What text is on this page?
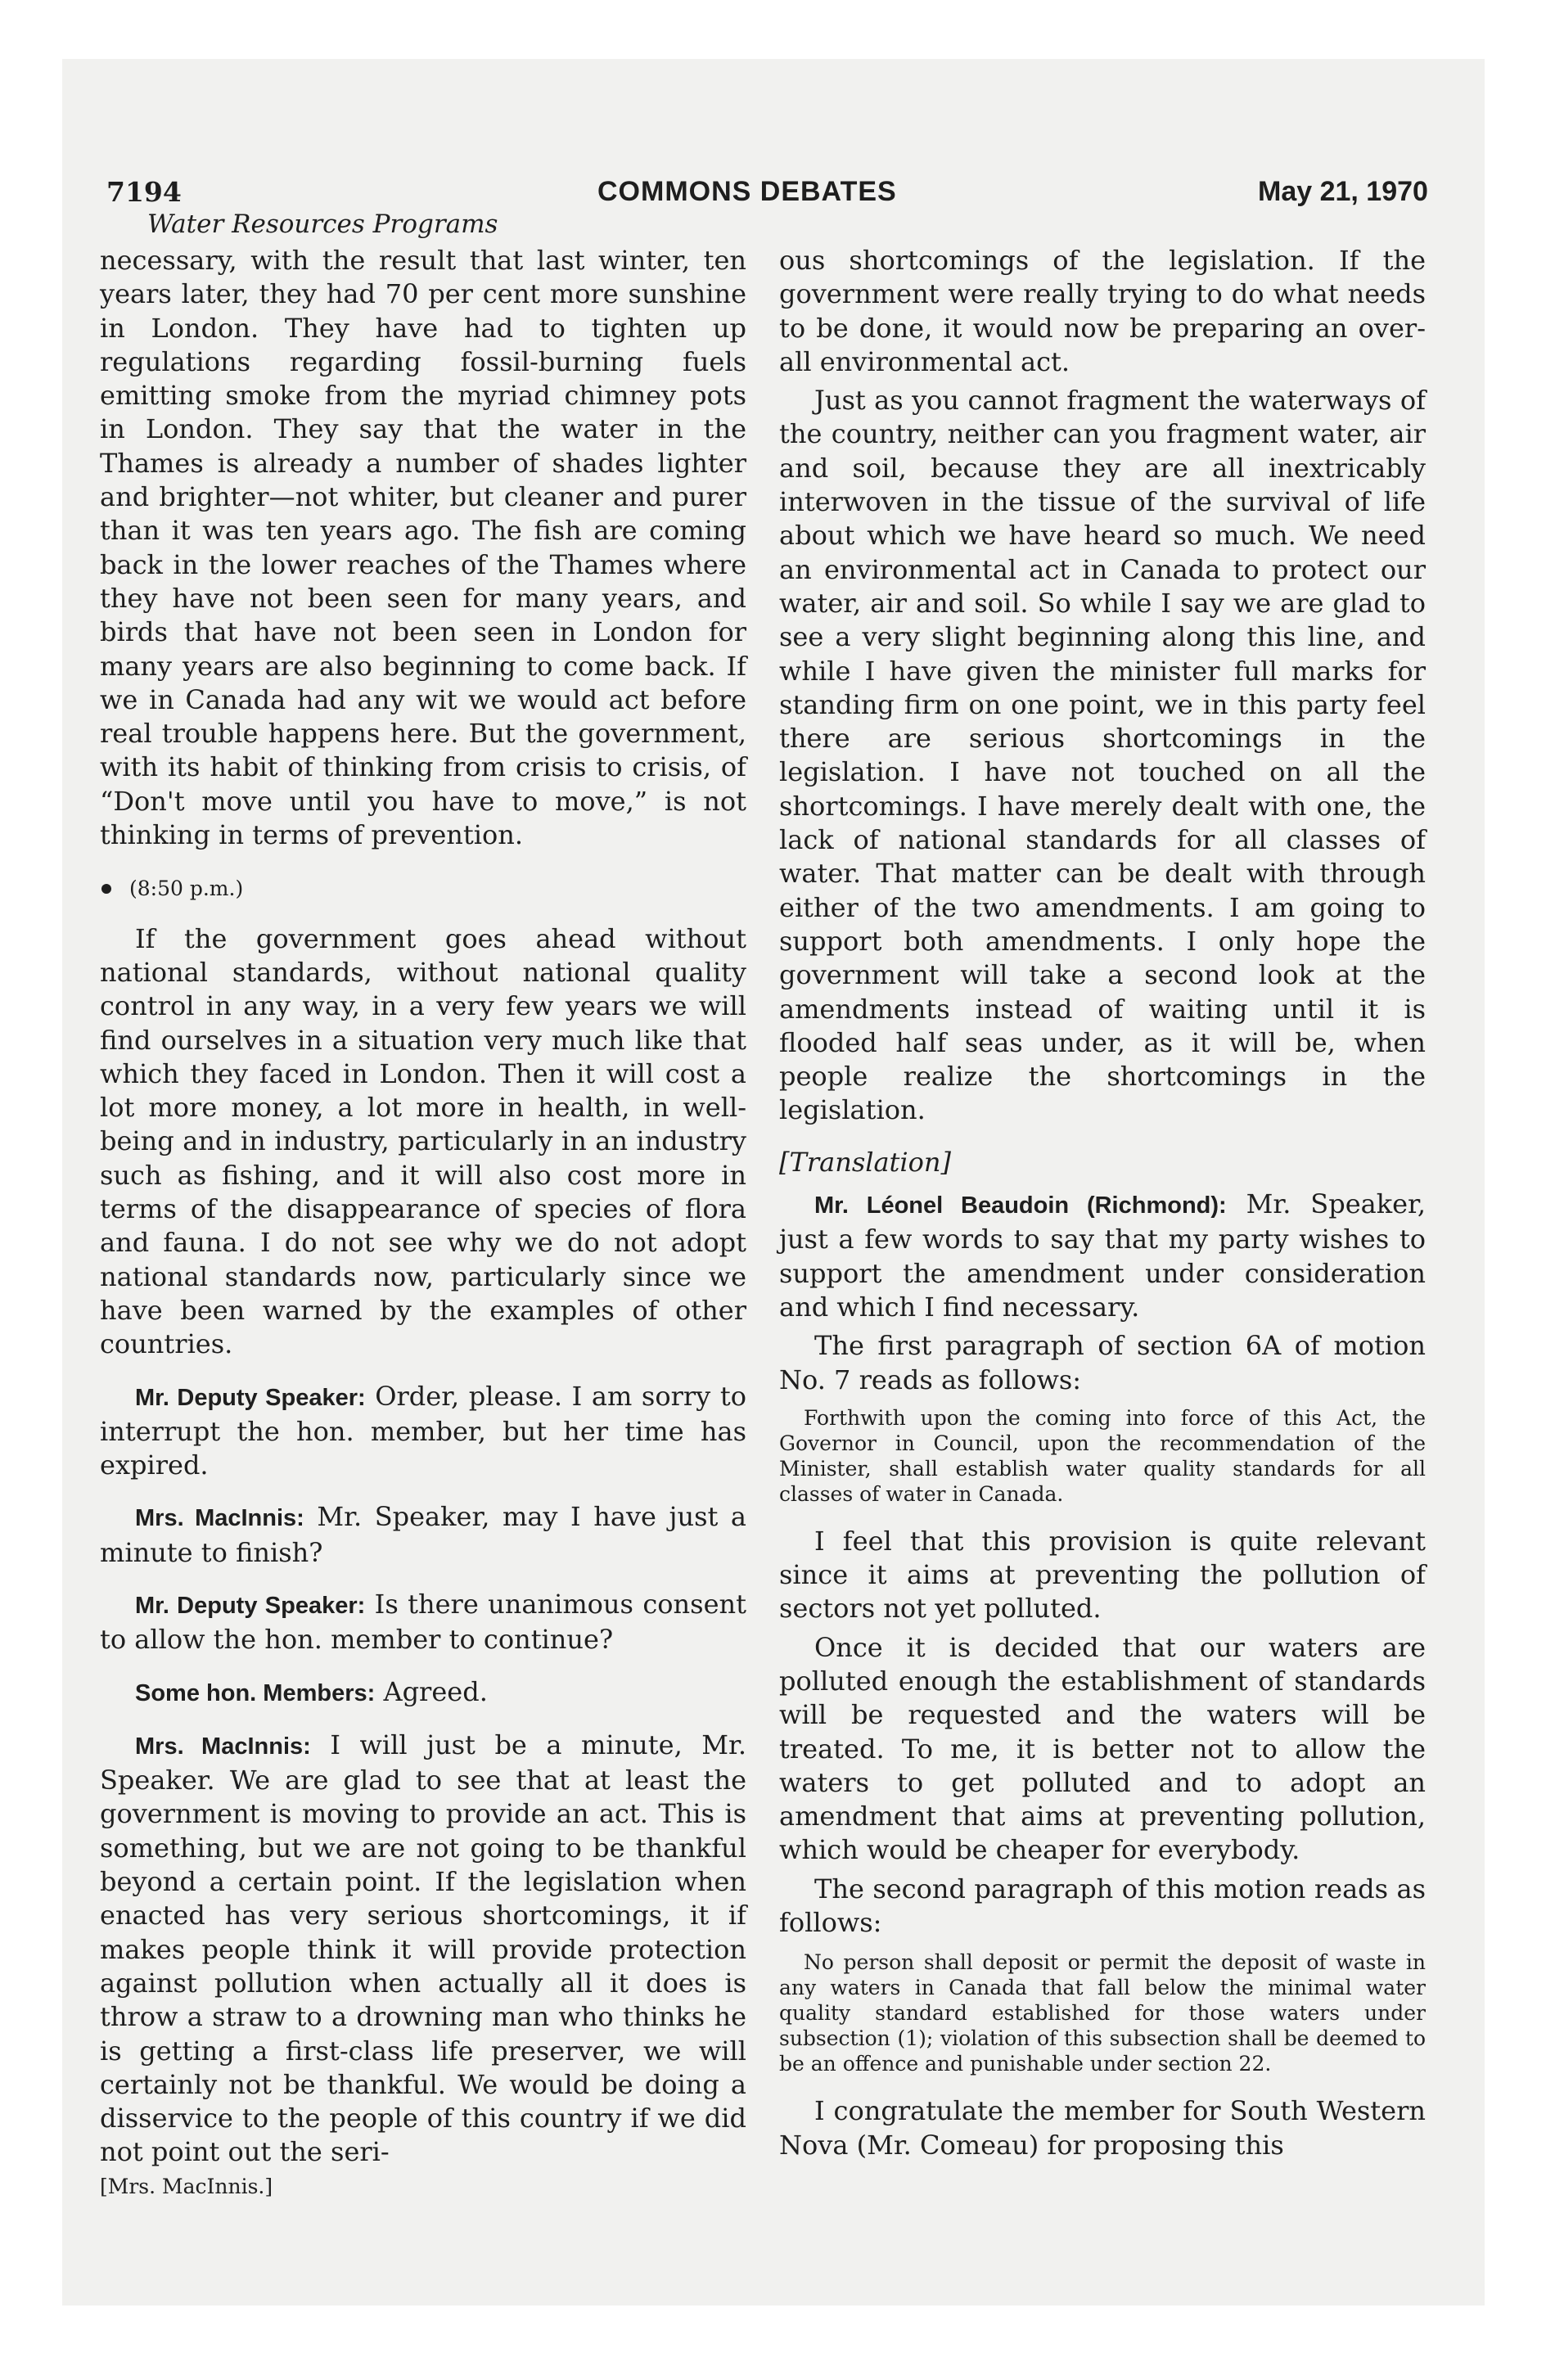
7194	COMMONS DEBATES	May 21, 1970
Water Resources Programs

necessary, with the result that last winter, ten years later, they had 70 per cent more sunshine in London. They have had to tighten up regulations regarding fossil-burning fuels emitting smoke from the myriad chimney pots in London. They say that the water in the Thames is already a number of shades lighter and brighter—not whiter, but cleaner and purer than it was ten years ago. The fish are coming back in the lower reaches of the Thames where they have not been seen for many years, and birds that have not been seen in London for many years are also beginning to come back. If we in Canada had any wit we would act before real trouble happens here. But the government, with its habit of thinking from crisis to crisis, of “Don't move until you have to move,” is not thinking in terms of prevention.

(8:50 p.m.)

If the government goes ahead without national standards, without national quality control in any way, in a very few years we will find ourselves in a situation very much like that which they faced in London. Then it will cost a lot more money, a lot more in health, in well-being and in industry, particularly in an industry such as fishing, and it will also cost more in terms of the disappearance of species of flora and fauna. I do not see why we do not adopt national standards now, particularly since we have been warned by the examples of other countries.

Mr. Deputy Speaker: Order, please. I am sorry to interrupt the hon. member, but her time has expired.

Mrs. MacInnis: Mr. Speaker, may I have just a minute to finish?

Mr. Deputy Speaker: Is there unanimous consent to allow the hon. member to continue?

Some hon. Members: Agreed.

Mrs. MacInnis: I will just be a minute, Mr. Speaker. We are glad to see that at least the government is moving to provide an act. This is something, but we are not going to be thankful beyond a certain point. If the legislation when enacted has very serious shortcomings, it if makes people think it will provide protection against pollution when actually all it does is throw a straw to a drowning man who thinks he is getting a first-class life preserver, we will certainly not be thankful. We would be doing a disservice to the people of this country if we did not point out the seri-

[Mrs. MacInnis.]

ous shortcomings of the legislation. If the government were really trying to do what needs to be done, it would now be preparing an over-all environmental act.

Just as you cannot fragment the waterways of the country, neither can you fragment water, air and soil, because they are all inextricably interwoven in the tissue of the survival of life about which we have heard so much. We need an environmental act in Canada to protect our water, air and soil. So while I say we are glad to see a very slight beginning along this line, and while I have given the minister full marks for standing firm on one point, we in this party feel there are serious shortcomings in the legislation. I have not touched on all the shortcomings. I have merely dealt with one, the lack of national standards for all classes of water. That matter can be dealt with through either of the two amendments. I am going to support both amendments. I only hope the government will take a second look at the amendments instead of waiting until it is flooded half seas under, as it will be, when people realize the shortcomings in the legislation.

[Translation]

Mr. Léonel Beaudoin (Richmond): Mr. Speaker, just a few words to say that my party wishes to support the amendment under consideration and which I find necessary.

The first paragraph of section 6A of motion No. 7 reads as follows:

Forthwith upon the coming into force of this Act, the Governor in Council, upon the recommendation of the Minister, shall establish water quality standards for all classes of water in Canada.

I feel that this provision is quite relevant since it aims at preventing the pollution of sectors not yet polluted.

Once it is decided that our waters are polluted enough the establishment of standards will be requested and the waters will be treated. To me, it is better not to allow the waters to get polluted and to adopt an amendment that aims at preventing pollution, which would be cheaper for everybody.

The second paragraph of this motion reads as follows:

No person shall deposit or permit the deposit of waste in any waters in Canada that fall below the minimal water quality standard established for those waters under subsection (1); violation of this subsection shall be deemed to be an offence and punishable under section 22.

I congratulate the member for South Western Nova (Mr. Comeau) for proposing this
